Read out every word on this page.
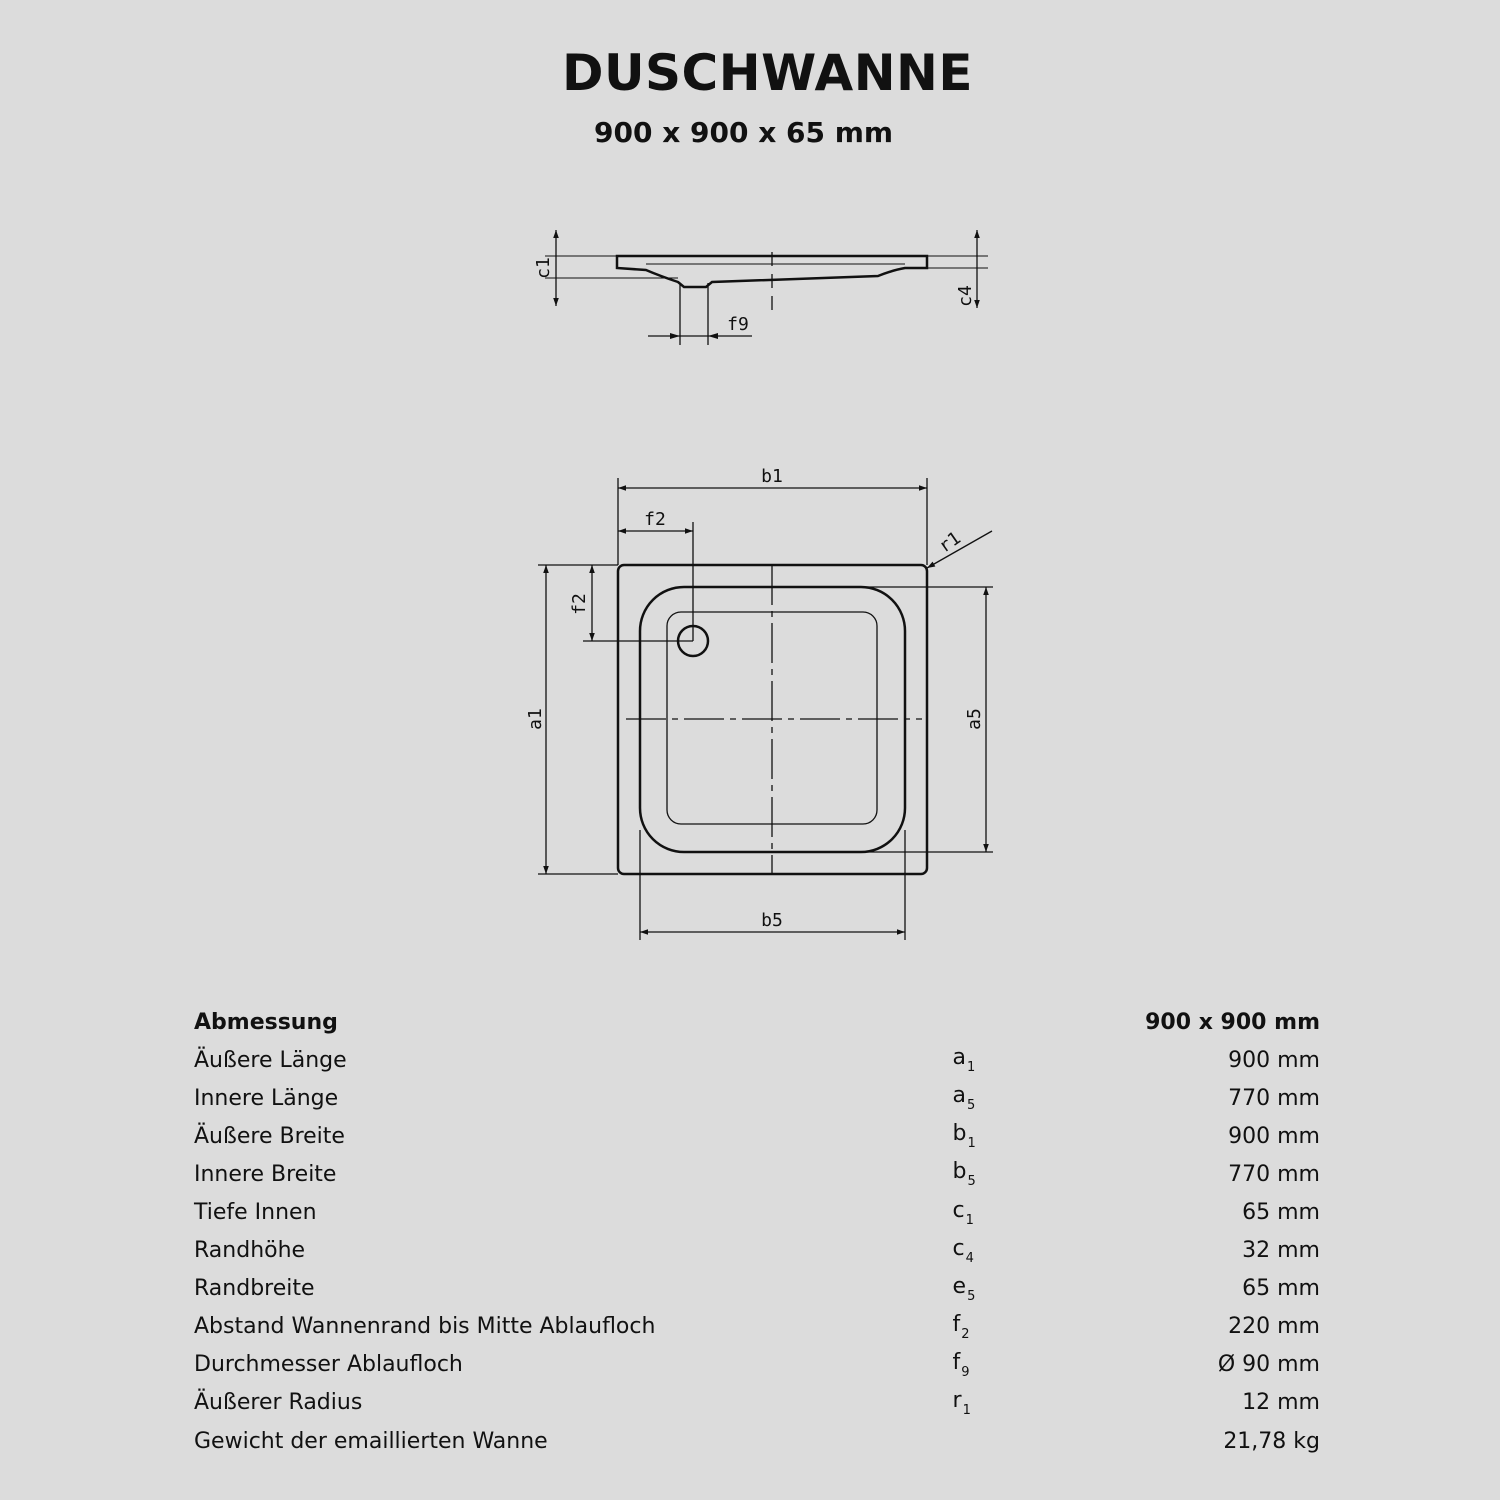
DUSCHWANNE
900 x 900 x 65 mm
c1
c4
f9
b1
f2
f2
r1
a1	a5
b5
Abmessung		900 x 900 mm
Äußere Länge	$a_1$	900 mm
Innere Länge	$a_5$	770 mm
Äußere Breite	$b_1$	900 mm
Innere Breite	$b_5$	770 mm
Tiefe Innen	$c_1$	65 mm
Randhöhe	$c_4$	32 mm
Randbreite	$e_5$	65 mm
Abstand Wannenrand bis Mitte Ablaufloch	$f_2$	220 mm
Durchmesser Ablaufloch	$f_9$	Ø 90 mm
Äußerer Radius	$r_1$	12 mm
Gewicht der emaillierten Wanne		21,78 kg
